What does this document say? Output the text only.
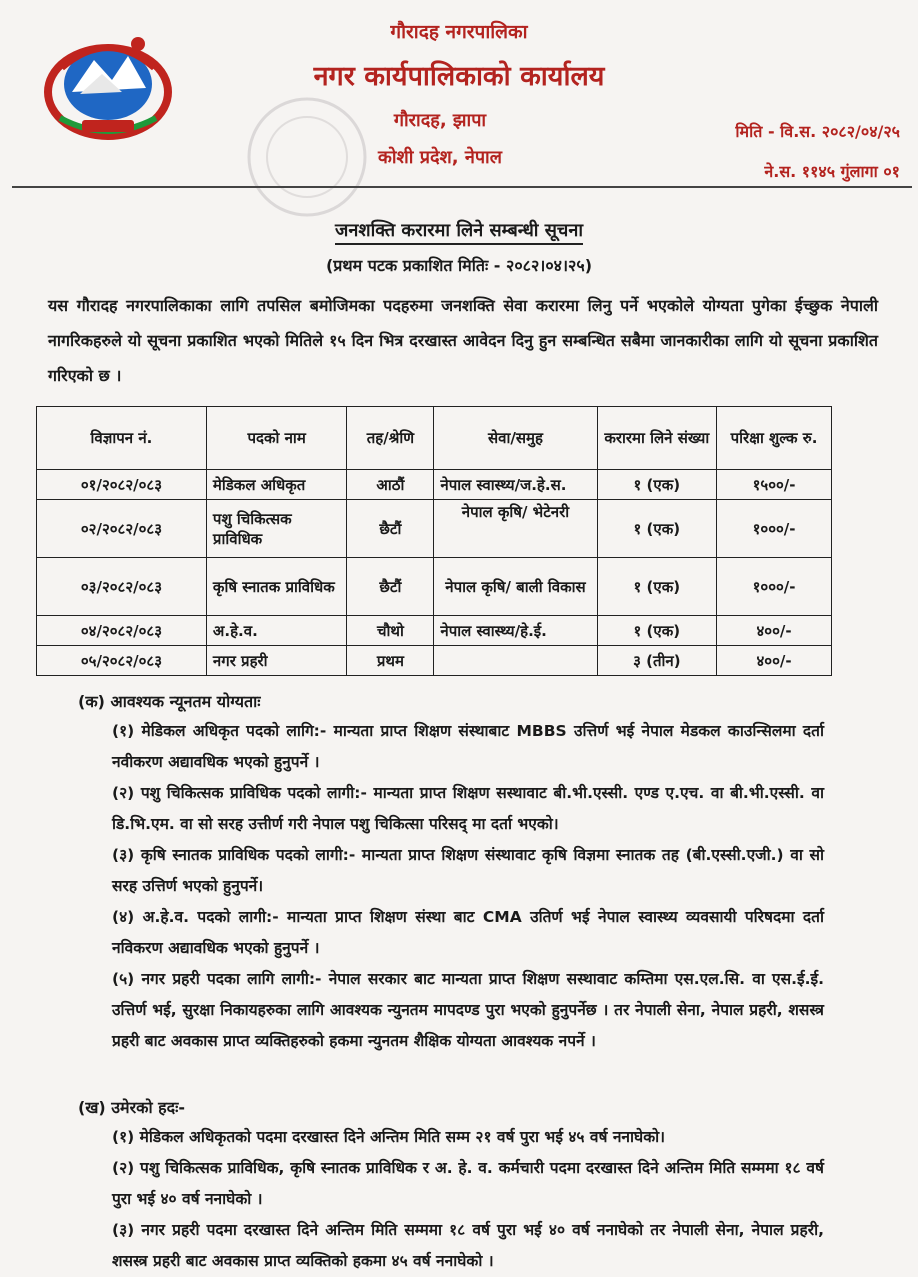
गौरादह नगरपालिका
नगर कार्यपालिकाको कार्यालय
गौरादह, झापा
कोशी प्रदेश, नेपाल
मिति - वि.स. २०८२/०४/२५
ने.स. ११४५ गुंलागा ०१
जनशक्ति करारमा लिने सम्बन्धी सूचना
(प्रथम पटक प्रकाशित मितिः - २०८२।०४।२५)
यस गौरादह नगरपालिकाका लागि तपसिल बमोजिमका पदहरुमा जनशक्ति सेवा करारमा लिनु पर्ने भएकोले योग्यता पुगेका ईच्छुक नेपाली नागरिकहरुले यो सूचना प्रकाशित भएको मितिले १५ दिन भित्र दरखास्त आवेदन दिनु हुन सम्बन्धित सबैमा जानकारीका लागि यो सूचना प्रकाशित गरिएको छ ।
विज्ञापन नं.	पदको नाम	तह/श्रेणि	सेवा/समुह	करारमा लिने संख्या	परिक्षा शुल्क रु.
०१/२०८२/०८३	मेडिकल अधिकृत	आठौं	नेपाल स्वास्थ्य/ज.हे.स.	१ (एक)	१५००/-
०२/२०८२/०८३	पशु चिकित्सक प्राविधिक	छैटौं	नेपाल कृषि/ भेटेनरी	१ (एक)	१०००/-
०३/२०८२/०८३	कृषि स्नातक प्राविधिक	छैटौं	नेपाल कृषि/ बाली विकास	१ (एक)	१०००/-
०४/२०८२/०८३	अ.हे.व.	चौथो	नेपाल स्वास्थ्य/हे.ई.	१ (एक)	४००/-
०५/२०८२/०८३	नगर प्रहरी	प्रथम		३ (तीन)	४००/-
(क) आवश्यक न्यूनतम योग्यताः
(१) मेडिकल अधिकृत पदको लागि:- मान्यता प्राप्त शिक्षण संस्थाबाट MBBS उत्तिर्ण भई नेपाल मेडकल काउन्सिलमा दर्ता नवीकरण अद्यावधिक भएको हुनुपर्ने ।
(२) पशु चिकित्सक प्राविधिक पदको लागी:- मान्यता प्राप्त शिक्षण सस्थावाट बी.भी.एस्सी. एण्ड ए.एच. वा बी.भी.एस्सी. वा डि.भि.एम. वा सो सरह उत्तीर्ण गरी नेपाल पशु चिकित्सा परिसद् मा दर्ता भएको।
(३) कृषि स्नातक प्राविधिक पदको लागी:- मान्यता प्राप्त शिक्षण संस्थावाट कृषि विज्ञमा स्नातक तह (बी.एस्सी.एजी.) वा सो सरह उत्तिर्ण भएको हुनुपर्ने।
(४) अ.हे.व. पदको लागी:- मान्यता प्राप्त शिक्षण संस्था बाट CMA उतिर्ण भई नेपाल स्वास्थ्य व्यवसायी परिषदमा दर्ता नविकरण अद्यावधिक भएको हुनुपर्ने ।
(५) नगर प्रहरी पदका लागि लागी:- नेपाल सरकार बाट मान्यता प्राप्त शिक्षण सस्थावाट कम्तिमा एस.एल.सि. वा एस.ई.ई. उत्तिर्ण भई, सुरक्षा निकायहरुका लागि आवश्यक न्युनतम मापदण्ड पुरा भएको हुनुपर्नेछ । तर नेपाली सेना, नेपाल प्रहरी, शसस्त्र प्रहरी बाट अवकास प्राप्त व्यक्तिहरुको हकमा न्युनतम शैक्षिक योग्यता आवश्यक नपर्ने ।
(ख) उमेरको हदः-
(१) मेडिकल अधिकृतको पदमा दरखास्त दिने अन्तिम मिति सम्म २१ वर्ष पुरा भई ४५ वर्ष ननाघेको।
(२) पशु चिकित्सक प्राविधिक, कृषि स्नातक प्राविधिक र अ. हे. व. कर्मचारी पदमा दरखास्त दिने अन्तिम मिति सम्ममा १८ वर्ष पुरा भई ४० वर्ष ननाघेको ।
(३) नगर प्रहरी पदमा दरखास्त दिने अन्तिम मिति सम्ममा १८ वर्ष पुरा भई ४० वर्ष ननाघेको तर नेपाली सेना, नेपाल प्रहरी, शसस्त्र प्रहरी बाट अवकास प्राप्त व्यक्तिको हकमा ४५ वर्ष ननाघेको ।
